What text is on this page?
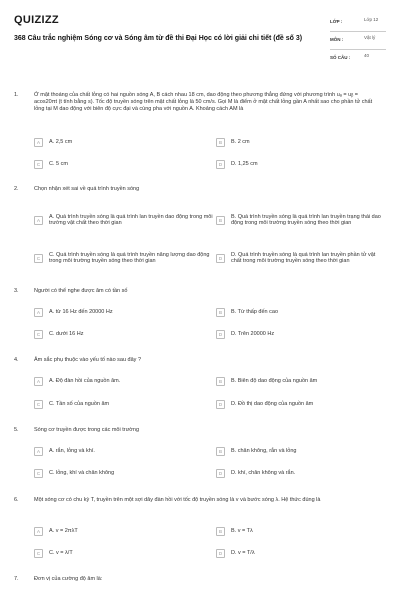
QUIZIZZ
368 Câu trắc nghiệm Sóng cơ và Sóng âm từ đề thi Đại Học có lời giải chi tiết (đề số 3)
LỚP :	Lớp 12
MÔN :	Vật lý
SỐ CÂU :	40
1.	Ở mặt thoáng của chất lỏng có hai nguồn sóng A, B cách nhau 18 cm, dao động theo phương thẳng đứng với phương trình uₐ = uᵦ = acos20πt (t tính bằng s). Tốc độ truyền sóng trên mặt chất lỏng là 50 cm/s. Gọi M là điểm ở mặt chất lỏng gần A nhất sao cho phần tử chất lỏng tại M dao động với biên độ cực đại và cùng pha với nguồn A. Khoảng cách AM là
A	A. 2,5 cm	B	B. 2 cm
C	C. 5 cm	D	D. 1,25 cm
2.	Chọn nhận xét sai về quá trình truyền sóng
A
A. Quá trình truyền sóng là quá trình lan truyền dao động trong môi trường vật chất theo thời gian	B
B. Quá trình truyền sóng là quá trình lan truyền trạng thái dao động trong môi trường truyền sóng theo thời gian
C
C. Quá trình truyền sóng là quá trình truyền năng lượng dao động trong môi trường truyền sóng theo thời gian	D
D. Quá trình truyền sóng là quá trình lan truyền phần tử vật chất trong môi trường truyền sóng theo thời gian
3.	Người có thể nghe được âm có tần số
A	A. từ 16 Hz đến 20000 Hz	B	B. Từ thấp đến cao
C	C. dưới 16 Hz	D	D. Trên 20000 Hz
4.	Âm sắc phụ thuộc vào yếu tố nào sau đây ?
A	A. Độ đàn hồi của nguồn âm.	B	B. Biên độ dao động của nguồn âm
C	C. Tần số của nguồn âm	D	D. Đồ thị dao động của nguồn âm
5.	Sóng cơ truyền được trong các môi trường
A	A. rắn, lỏng và khí.	B	B. chân không, rắn và lỏng
C	C. lỏng, khí và chân không	D	D. khí, chân không và rắn.
6.	Một sóng cơ có chu kỳ T, truyền trên một sợi dây đàn hồi với tốc độ truyền sóng là v và bước sóng λ. Hệ thức đúng là
A	A. v = 2πλT	B	B. v = Tλ
C	C. v = λ/T	D	D. v = T/λ
7.	Đơn vị của cường độ âm là:
